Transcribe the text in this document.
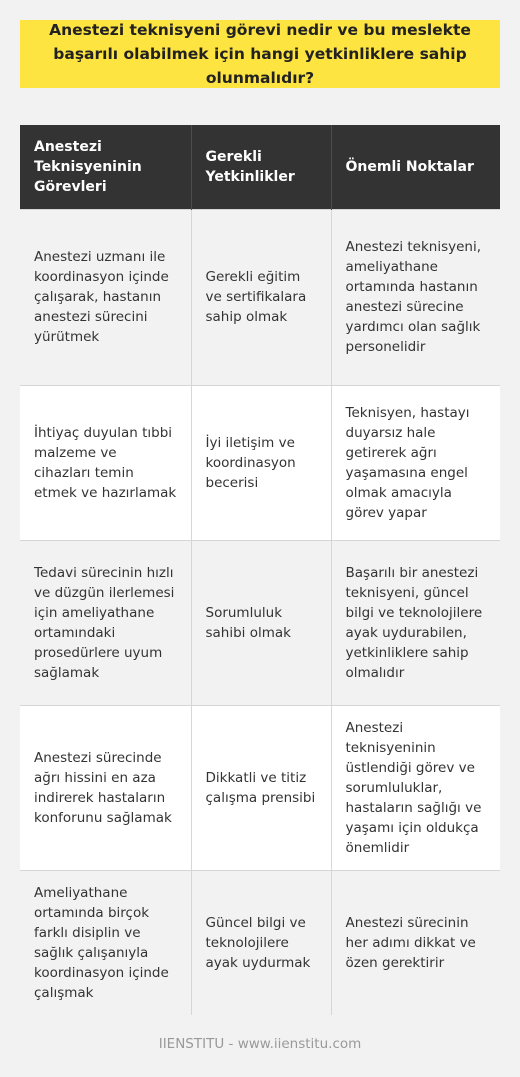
Anestezi teknisyeni görevi nedir ve bu meslekte başarılı olabilmek için hangi yetkinliklere sahip olunmalıdır?
Anestezi Teknisyeninin Görevleri	Gerekli Yetkinlikler	Önemli Noktalar
Anestezi uzmanı ile koordinasyon içinde çalışarak, hastanın anestezi sürecini yürütmek	Gerekli eğitim ve sertifikalara sahip olmak	Anestezi teknisyeni, ameliyathane ortamında hastanın anestezi sürecine yardımcı olan sağlık personelidir
İhtiyaç duyulan tıbbi malzeme ve cihazları temin etmek ve hazırlamak	İyi iletişim ve koordinasyon becerisi	Teknisyen, hastayı duyarsız hale getirerek ağrı yaşamasına engel olmak amacıyla görev yapar
Tedavi sürecinin hızlı ve düzgün ilerlemesi için ameliyathane ortamındaki prosedürlere uyum sağlamak	Sorumluluk sahibi olmak	Başarılı bir anestezi teknisyeni, güncel bilgi ve teknolojilere ayak uydurabilen, yetkinliklere sahip olmalıdır
Anestezi sürecinde ağrı hissini en aza indirerek hastaların konforunu sağlamak	Dikkatli ve titiz çalışma prensibi	Anestezi teknisyeninin üstlendiği görev ve sorumluluklar, hastaların sağlığı ve yaşamı için oldukça önemlidir
Ameliyathane ortamında birçok farklı disiplin ve sağlık çalışanıyla koordinasyon içinde çalışmak	Güncel bilgi ve teknolojilere ayak uydurmak	Anestezi sürecinin her adımı dikkat ve özen gerektirir
IIENSTITU - www.iienstitu.com
